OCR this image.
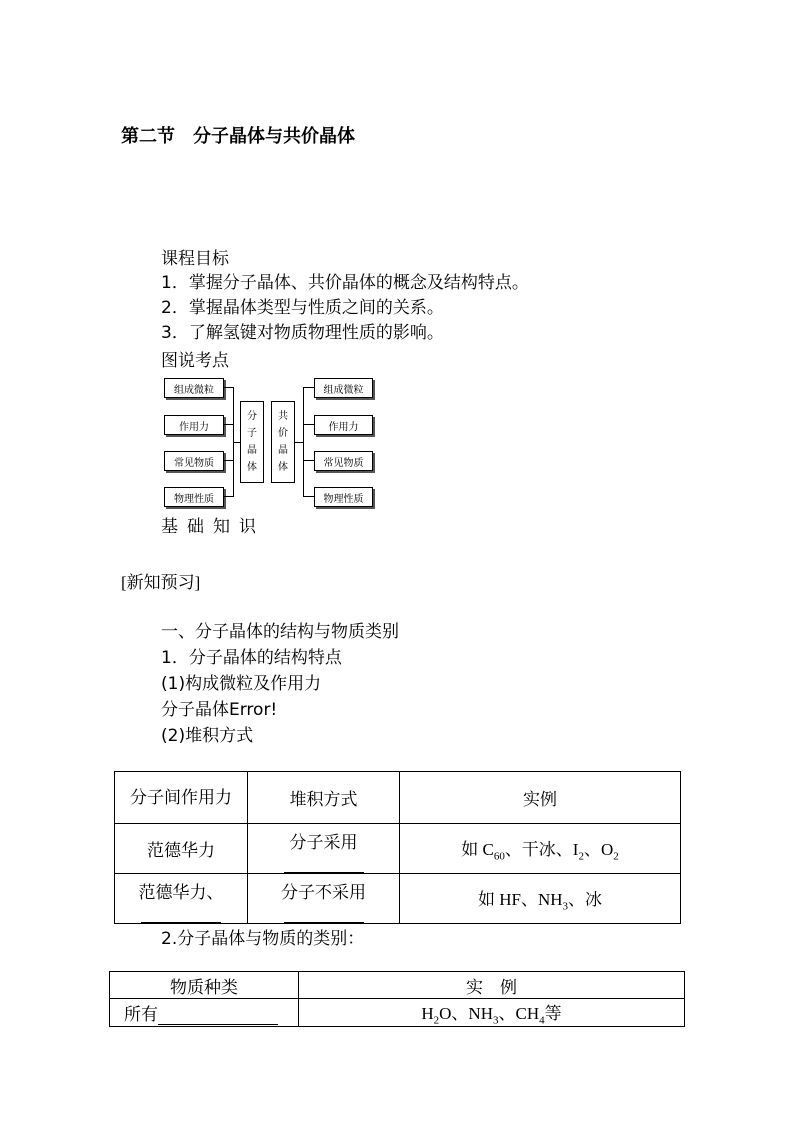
第二节　分子晶体与共价晶体
课程目标
1．掌握分子晶体、共价晶体的概念及结构特点。
2．掌握晶体类型与性质之间的关系。
3．了解氢键对物质物理性质的影响。
图说考点
组成微粒
作用力
常见物质
物理性质
分
子
晶
体
共
价
晶
体
组成微粒
作用力
常见物质
物理性质
基础知识
[新知预习]
一、分子晶体的结构与物质类别
1．分子晶体的结构特点
(1)构成微粒及作用力
分子晶体Error!
(2)堆积方式
分子间作用力	堆积方式	实例
范德华力	分子采用	如 $C_{60}$、干冰、$I_2$、$O_2$

范德华力、	分子不采用	如 HF、$NH_3$、冰
2.分子晶体与物质的类别：
物质种类	实　例
所有	$H_2O$、$NH_3$、$CH_4$等
